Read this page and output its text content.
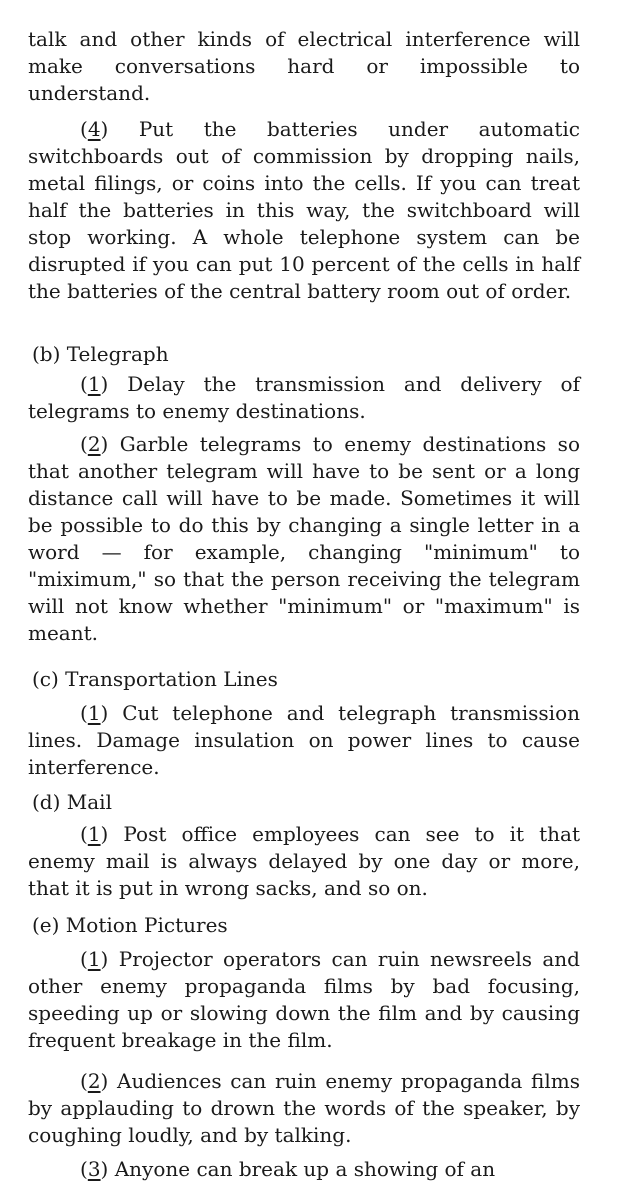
talk and other kinds of electrical interference will make conversations hard or impossible to understand.

(4) Put the batteries under automatic switchboards out of commission by dropping nails, metal filings, or coins into the cells. If you can treat half the batteries in this way, the switchboard will stop working. A whole telephone system can be disrupted if you can put 10 percent of the cells in half the batteries of the central battery room out of order.

(b) Telegraph

(1) Delay the transmission and delivery of telegrams to enemy destinations.

(2) Garble telegrams to enemy destinations so that another telegram will have to be sent or a long distance call will have to be made. Sometimes it will be possible to do this by changing a single letter in a word — for example, changing "minimum" to "miximum," so that the person receiving the telegram will not know whether "minimum" or "maximum" is meant.

(c) Transportation Lines

(1) Cut telephone and telegraph transmission lines. Damage insulation on power lines to cause interference.

(d) Mail

(1) Post office employees can see to it that enemy mail is always delayed by one day or more, that it is put in wrong sacks, and so on.

(e) Motion Pictures

(1) Projector operators can ruin newsreels and other enemy propaganda films by bad focusing, speeding up or slowing down the film and by causing frequent breakage in the film.

(2) Audiences can ruin enemy propaganda films by applauding to drown the words of the speaker, by coughing loudly, and by talking.

(3) Anyone can break up a showing of an
